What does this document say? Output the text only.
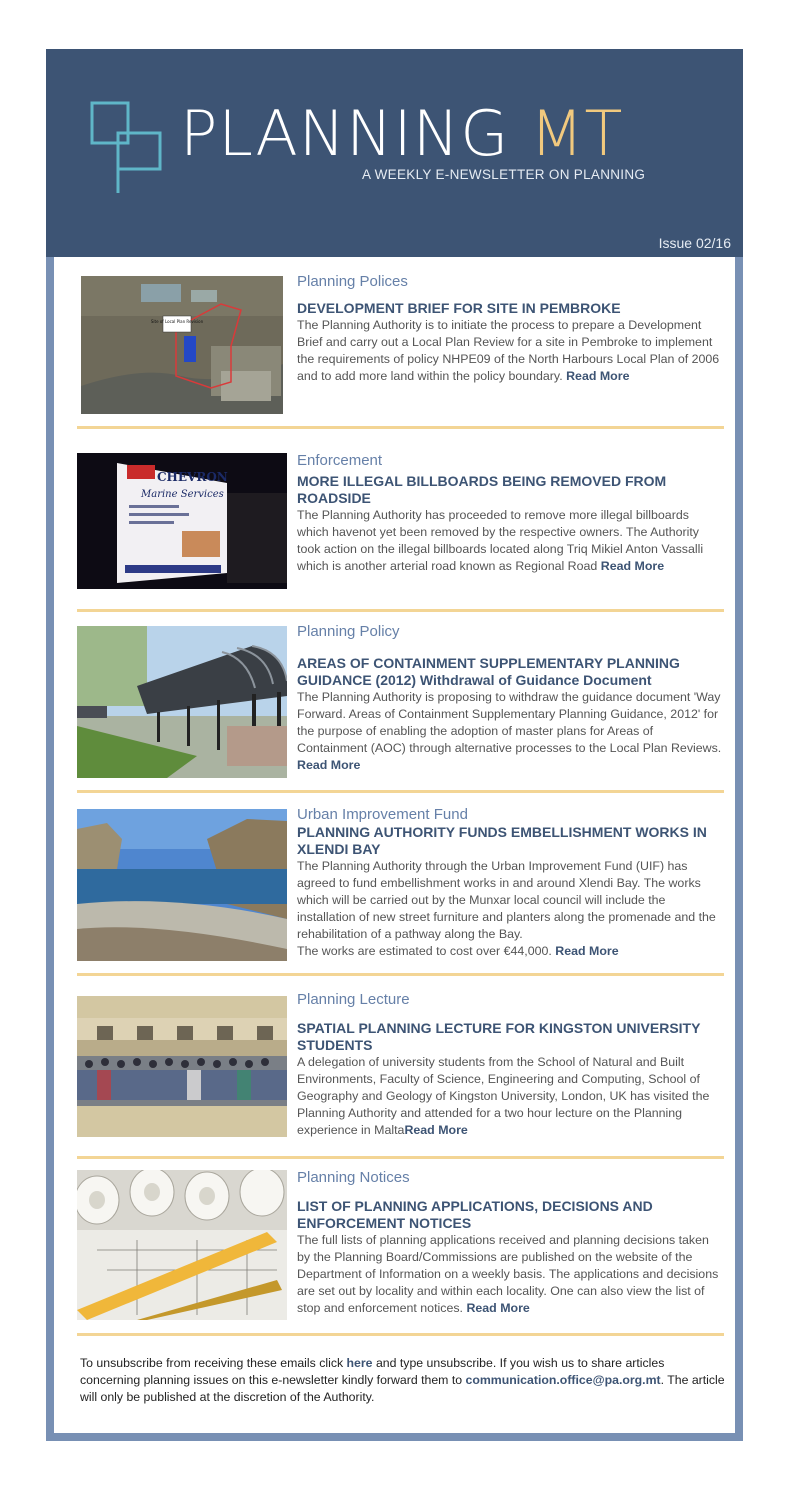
PLANNING MT
A WEEKLY E-NEWSLETTER ON PLANNING
Issue 02/16
Site of Local Plan Revision
Planning Polices
DEVELOPMENT BRIEF FOR SITE IN PEMBROKE
The Planning Authority is to initiate the process to prepare a Development Brief and carry out a Local Plan Review for a site in Pembroke to implement the requirements of policy NHPE09 of the North Harbours Local Plan of 2006 and to add more land within the policy boundary. Read More
CHEVRON
Marine Services
Enforcement
MORE ILLEGAL BILLBOARDS BEING REMOVED FROM ROADSIDE
The Planning Authority has proceeded to remove more illegal billboards which havenot yet been removed by the respective owners. The Authority took action on the illegal billboards located along Triq Mikiel Anton Vassalli which is another arterial road known as Regional Road Read More
Planning Policy
AREAS OF CONTAINMENT SUPPLEMENTARY PLANNING GUIDANCE (2012) Withdrawal of Guidance Document
The Planning Authority is proposing to withdraw the guidance document 'Way Forward. Areas of Containment Supplementary Planning Guidance, 2012' for the purpose of enabling the adoption of master plans for Areas of Containment (AOC) through alternative processes to the Local Plan Reviews. Read More
Urban Improvement Fund
PLANNING AUTHORITY FUNDS EMBELLISHMENT WORKS IN XLENDI BAY
The Planning Authority through the Urban Improvement Fund (UIF) has agreed to fund embellishment works in and around Xlendi Bay. The works which will be carried out by the Munxar local council will include the installation of new street furniture and planters along the promenade and the rehabilitation of a pathway along the Bay.
The works are estimated to cost over €44,000. Read More
Planning Lecture
SPATIAL PLANNING LECTURE FOR KINGSTON UNIVERSITY STUDENTS
A delegation of university students from the School of Natural and Built Environments, Faculty of Science, Engineering and Computing, School of Geography and Geology of Kingston University, London, UK has visited the Planning Authority and attended for a two hour lecture on the Planning experience in MaltaRead More
Planning Notices
LIST OF PLANNING APPLICATIONS, DECISIONS AND ENFORCEMENT NOTICES
The full lists of planning applications received and planning decisions taken by the Planning Board/Commissions are published on the website of the Department of Information on a weekly basis. The applications and decisions are set out by locality and within each locality. One can also view the list of stop and enforcement notices. Read More
To unsubscribe from receiving these emails click here and type unsubscribe. If you wish us to share articles concerning planning issues on this e-newsletter kindly forward them to communication.office@pa.org.mt. The article will only be published at the discretion of the Authority.
